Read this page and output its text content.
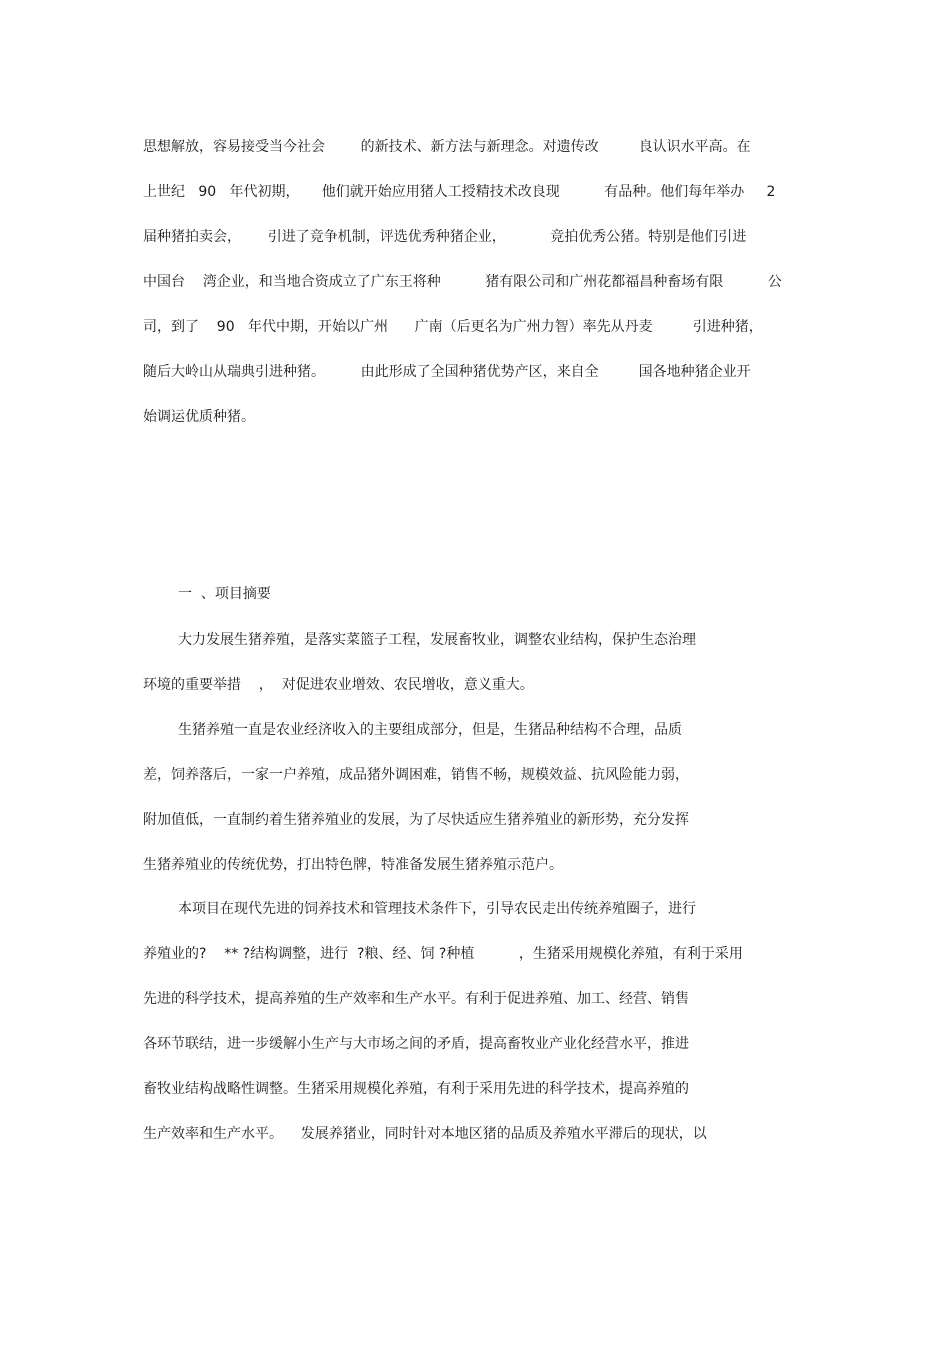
思想解放，容易接受当今社会        的新技术、新方法与新理念。对遗传改         良认识水平高。在
上世纪   90   年代初期，     他们就开始应用猪人工授精技术改良现          有品种。他们每年举办     2
届种猪拍卖会，      引进了竞争机制，评选优秀种猪企业，          竞拍优秀公猪。特别是他们引进
中国台    湾企业，和当地合资成立了广东王将种          猪有限公司和广州花都福昌种畜场有限          公
司，到了    90   年代中期，开始以广州      广南（后更名为广州力智）率先从丹麦         引进种猪，
随后大岭山从瑞典引进种猪。        由此形成了全国种猪优势产区，来自全         国各地种猪企业开
始调运优质种猪。
一  、项目摘要
大力发展生猪养殖，是落实菜篮子工程，发展畜牧业，调整农业结构，保护生态治理
环境的重要举措    ，  对促进农业增效、农民增收，意义重大。
生猪养殖一直是农业经济收入的主要组成部分，但是，生猪品种结构不合理，品质
差，饲养落后，一家一户养殖，成品猪外调困难，销售不畅，规模效益、抗风险能力弱，
附加值低，一直制约着生猪养殖业的发展，为了尽快适应生猪养殖业的新形势，充分发挥
生猪养殖业的传统优势，打出特色牌，特准备发展生猪养殖示范户。
本项目在现代先进的饲养技术和管理技术条件下，引导农民走出传统养殖圈子，进行
养殖业的?    ** ?结构调整，进行  ?粮、经、饲 ?种植          ，生猪采用规模化养殖，有利于采用
先进的科学技术，提高养殖的生产效率和生产水平。有利于促进养殖、加工、经营、销售
各环节联结，进一步缓解小生产与大市场之间的矛盾，提高畜牧业产业化经营水平，推进
畜牧业结构战略性调整。生猪采用规模化养殖，有利于采用先进的科学技术，提高养殖的
生产效率和生产水平。    发展养猪业，同时针对本地区猪的品质及养殖水平滞后的现状，以
